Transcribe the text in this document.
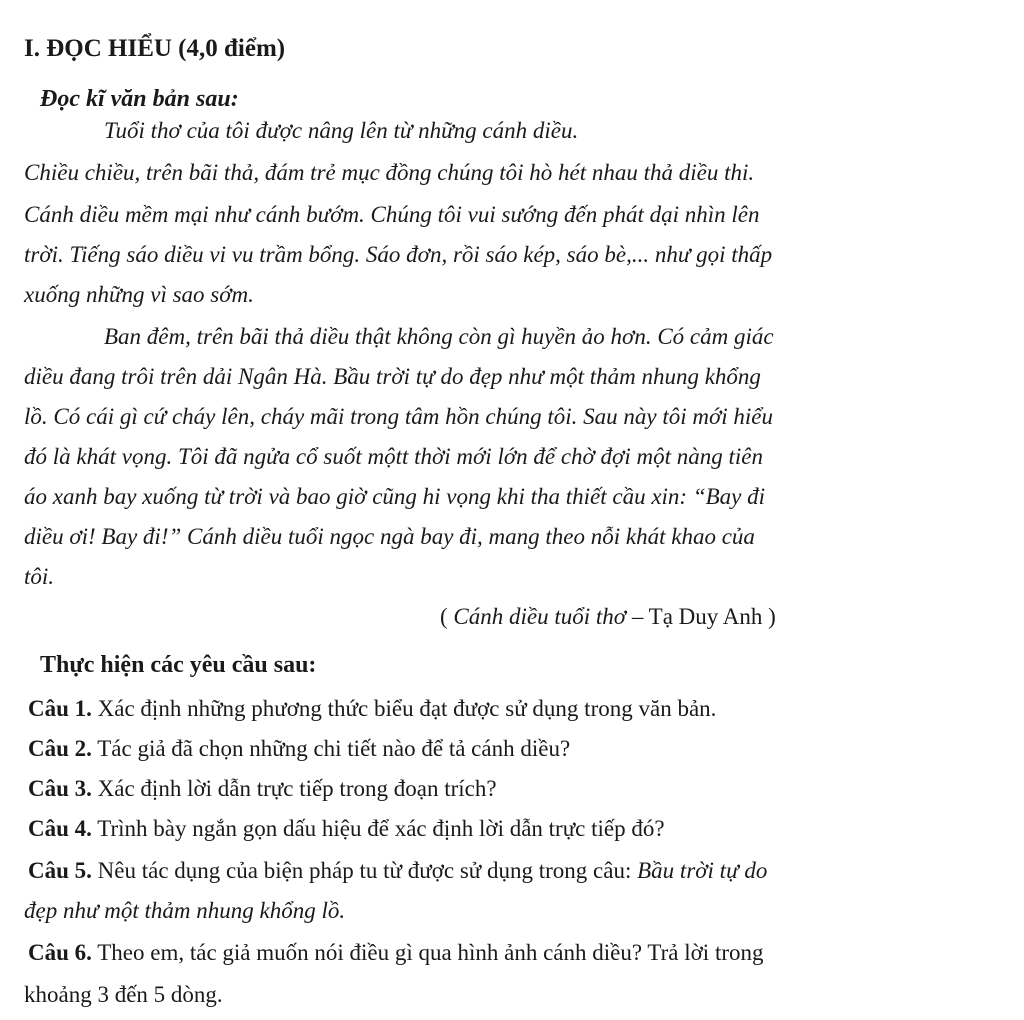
I. ĐỌC HIỂU (4,0 điểm)
Đọc kĩ văn bản sau:
Tuổi thơ của tôi được nâng lên từ những cánh diều.
Chiều chiều, trên bãi thả, đám trẻ mục đồng chúng tôi hò hét nhau thả diều thi.
Cánh diều mềm mại như cánh bướm. Chúng tôi vui sướng đến phát dại nhìn lên
trời. Tiếng sáo diều vi vu trầm bổng. Sáo đơn, rồi sáo kép, sáo bè,... như gọi thấp
xuống những vì sao sớm.
Ban đêm, trên bãi thả diều thật không còn gì huyền ảo hơn. Có cảm giác
diều đang trôi trên dải Ngân Hà. Bầu trời tự do đẹp như một thảm nhung khổng
lồ. Có cái gì cứ cháy lên, cháy mãi trong tâm hồn chúng tôi. Sau này tôi mới hiểu
đó là khát vọng. Tôi đã ngửa cổ suốt mộtt thời mới lớn để chờ đợi một nàng tiên
áo xanh bay xuống từ trời và bao giờ cũng hi vọng khi tha thiết cầu xin: “Bay đi
diều ơi! Bay đi!” Cánh diều tuổi ngọc ngà bay đi, mang theo nỗi khát khao của
tôi.
( Cánh diều tuổi thơ – Tạ Duy Anh )
Thực hiện các yêu cầu sau:
Câu 1. Xác định những phương thức biểu đạt được sử dụng trong văn bản.
Câu 2. Tác giả đã chọn những chi tiết nào để tả cánh diều?
Câu 3. Xác định lời dẫn trực tiếp trong đoạn trích?
Câu 4. Trình bày ngắn gọn dấu hiệu để xác định lời dẫn trực tiếp đó?
Câu 5. Nêu tác dụng của biện pháp tu từ được sử dụng trong câu: Bầu trời tự do
đẹp như một thảm nhung khổng lồ.
Câu 6. Theo em, tác giả muốn nói điều gì qua hình ảnh cánh diều? Trả lời trong
khoảng 3 đến 5 dòng.
